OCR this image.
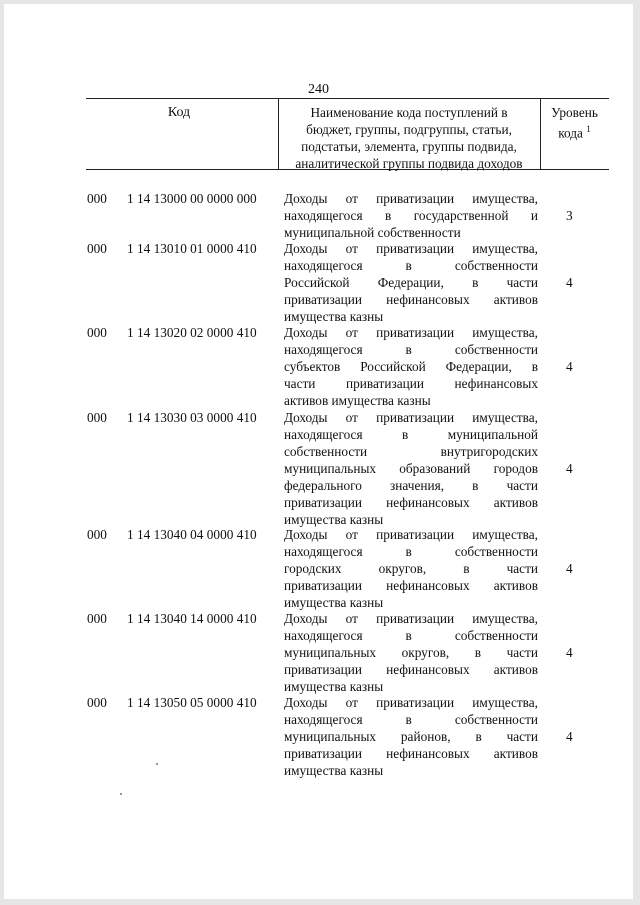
240
Код	Наименование кода поступлений в
бюджет, группы, подгруппы, статьи,
подстатьи, элемента, группы подвида,
аналитической группы подвида доходов
Уровень
кода $^1$
000 1 14 13000 00 0000 000 Доходы от приватизации имущества,
находящегося в государственной и
муниципальной собственности
3
000 1 14 13010 01 0000 410 Доходы от приватизации имущества,
находящегося в собственности
Российской Федерации, в части
приватизации нефинансовых активов
имущества казны
4
000 1 14 13020 02 0000 410 Доходы от приватизации имущества,
находящегося в собственности
субъектов Российской Федерации, в
части приватизации нефинансовых
активов имущества казны
4
000 1 14 13030 03 0000 410 Доходы от приватизации имущества,
находящегося в муниципальной
собственности внутригородских
муниципальных образований городов
федерального значения, в части
приватизации нефинансовых активов
имущества казны
4
000 1 14 13040 04 0000 410 Доходы от приватизации имущества,
находящегося в собственности
городских округов, в части
приватизации нефинансовых активов
имущества казны
4
000 1 14 13040 14 0000 410 Доходы от приватизации имущества,
находящегося в собственности
муниципальных округов, в части
приватизации нефинансовых активов
имущества казны
4
000 1 14 13050 05 0000 410 Доходы от приватизации имущества,
находящегося в собственности
муниципальных районов, в части
приватизации нефинансовых активов
имущества казны
4
